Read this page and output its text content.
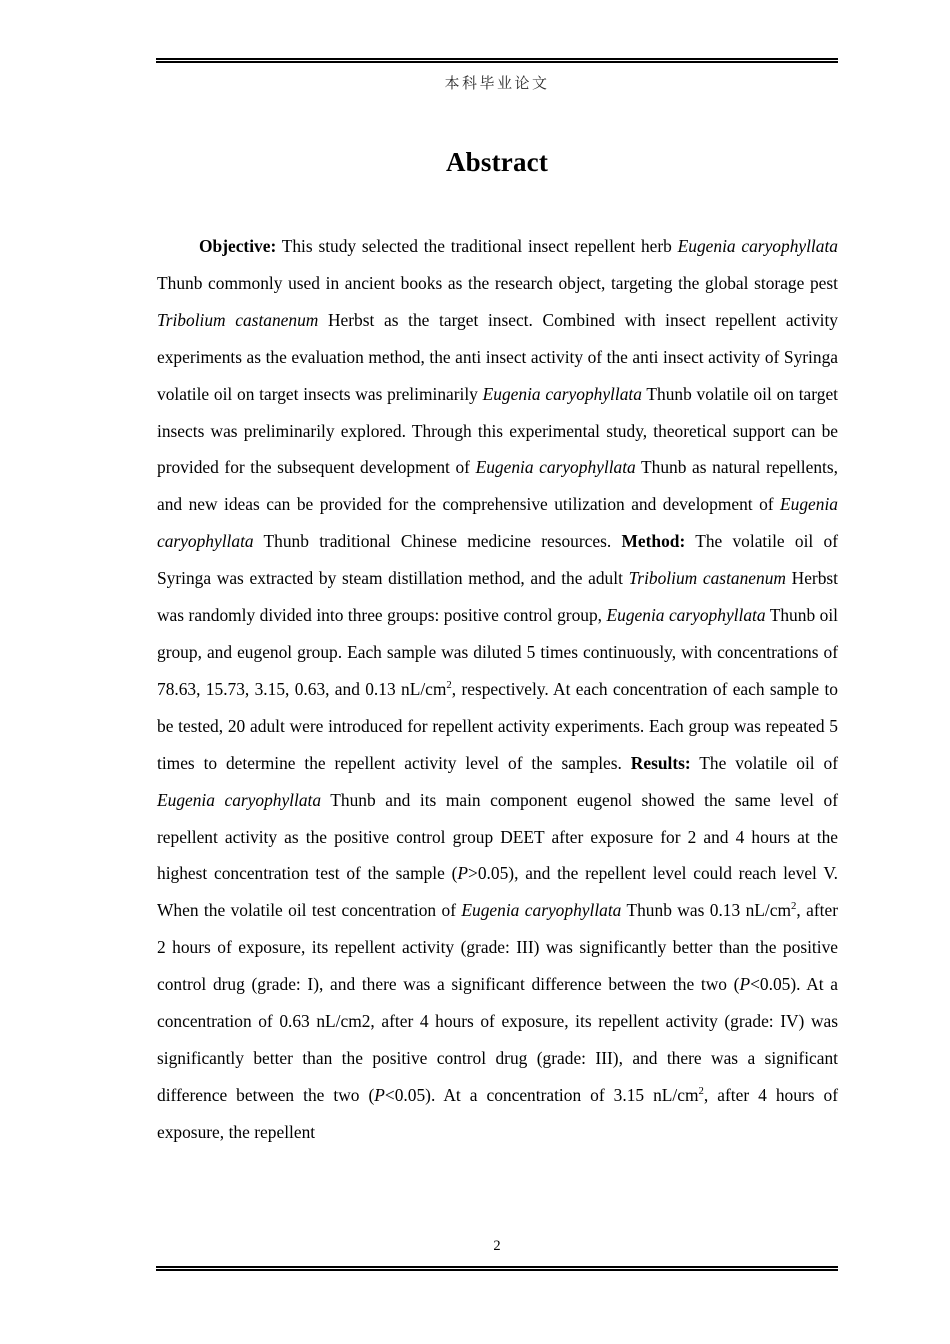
本科毕业论文
Abstract

Objective: This study selected the traditional insect repellent herb Eugenia caryophyllata Thunb commonly used in ancient books as the research object, targeting the global storage pest Tribolium castanenum Herbst as the target insect. Combined with insect repellent activity experiments as the evaluation method, the anti insect activity of the anti insect activity of Syringa volatile oil on target insects was preliminarily Eugenia caryophyllata Thunb volatile oil on target insects was preliminarily explored. Through this experimental study, theoretical support can be provided for the subsequent development of Eugenia caryophyllata Thunb as natural repellents, and new ideas can be provided for the comprehensive utilization and development of Eugenia caryophyllata Thunb traditional Chinese medicine resources. Method: The volatile oil of Syringa was extracted by steam distillation method, and the adult Tribolium castanenum Herbst was randomly divided into three groups: positive control group, Eugenia caryophyllata Thunb oil group, and eugenol group. Each sample was diluted 5 times continuously, with concentrations of 78.63, 15.73, 3.15, 0.63, and 0.13 $nL/cm^2$, respectively. At each concentration of each sample to be tested, 20 adult were introduced for repellent activity experiments. Each group was repeated 5 times to determine the repellent activity level of the samples. Results: The volatile oil of Eugenia caryophyllata Thunb and its main component eugenol showed the same level of repellent activity as the positive control group DEET after exposure for 2 and 4 hours at the highest concentration test of the sample (P>0.05), and the repellent level could reach level V. When the volatile oil test concentration of Eugenia caryophyllata Thunb was 0.13 $nL/cm^2$, after 2 hours of exposure, its repellent activity (grade: III) was significantly better than the positive control drug (grade: I), and there was a significant difference between the two (P<0.05). At a concentration of 0.63 nL/cm2, after 4 hours of exposure, its repellent activity (grade: IV) was significantly better than the positive control drug (grade: III), and there was a significant difference between the two (P<0.05). At a concentration of 3.15 $nL/cm^2$, after 4 hours of exposure, the repellent

2
